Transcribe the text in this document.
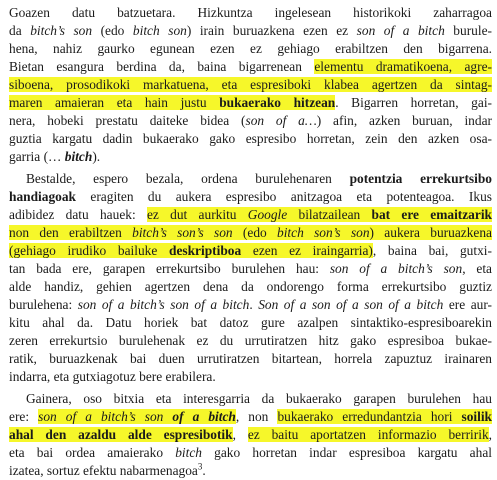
Goazen datu batzuetara. Hizkuntza ingelesean historikoki zaharragoa
da bitch’s son (edo bitch son) irain buruazkena ezen ez son of a bitch burule-
hena, nahiz gaurko egunean ezen ez gehiago erabiltzen den bigarrena.
Bietan esangura berdina da, baina bigarrenean elementu dramatikoena, agre-
siboena, prosodikoki markatuena, eta espresiboki klabea agertzen da sintag-
maren amaieran eta hain justu bukaerako hitzean. Bigarren horretan, gai-
nera, hobeki prestatu daiteke bidea (son of a…) afin, azken buruan, indar
guztia kargatu dadin bukaerako gako espresibo horretan, zein den azken osa-
garria (… bitch).
Bestalde, espero bezala, ordena burulehenaren potentzia errekurtsibo
handiagoak eragiten du aukera espresibo anitzagoa eta potenteagoa. Ikus
adibidez datu hauek: ez dut aurkitu Google bilatzailean bat ere emaitzarik
non den erabiltzen bitch’s son’s son (edo bitch son’s son) aukera buruazkena
(gehiago irudiko bailuke deskriptiboa ezen ez iraingarria), baina bai, gutxi-
tan bada ere, garapen errekurtsibo burulehen hau: son of a bitch’s son, eta
alde handiz, gehien agertzen dena da ondorengo forma errekurtsibo guztiz
burulehena: son of a bitch’s son of a bitch. Son of a son of a son of a bitch ere aur-
kitu ahal da. Datu horiek bat datoz gure azalpen sintaktiko-espresiboarekin
zeren errekurtsio burulehenak ez du urrutiratzen hitz gako espresiboa bukae-
ratik, buruazkenak bai duen urrutiratzen bitartean, horrela zapuztuz irainaren
indarra, eta gutxiagotuz bere erabilera.
Gainera, oso bitxia eta interesgarria da bukaerako garapen burulehen hau
ere: son of a bitch’s son of a bitch, non bukaerako erredundantzia hori soilik
ahal den azaldu alde espresibotik, ez baitu aportatzen informazio berririk,
eta bai ordea amaierako bitch gako horretan indar espresiboa kargatu ahal
izatea, sortuz efektu nabarmenagoa$^3$.
